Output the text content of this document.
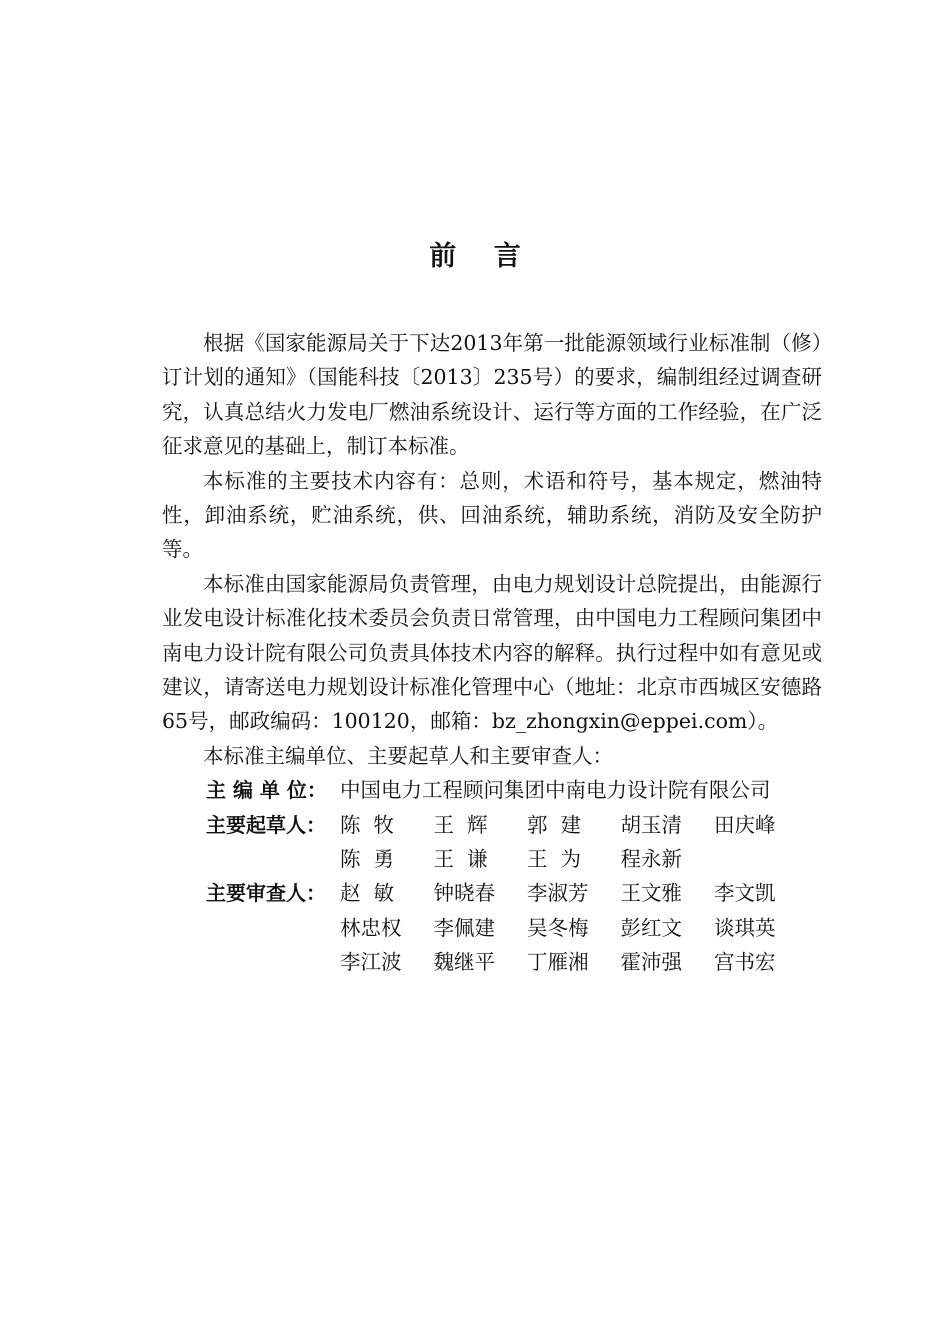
前    言

根据《国家能源局关于下达2013年第一批能源领域行业标准制（修）订计划的通知》（国能科技〔2013〕235号）的要求，编制组经过调查研究，认真总结火力发电厂燃油系统设计、运行等方面的工作经验，在广泛征求意见的基础上，制订本标准。

本标准的主要技术内容有：总则，术语和符号，基本规定，燃油特性，卸油系统，贮油系统，供、回油系统，辅助系统，消防及安全防护等。

本标准由国家能源局负责管理，由电力规划设计总院提出，由能源行业发电设计标准化技术委员会负责日常管理，由中国电力工程顾问集团中南电力设计院有限公司负责具体技术内容的解释。执行过程中如有意见或建议，请寄送电力规划设计标准化管理中心（地址：北京市西城区安德路65号，邮政编码：100120，邮箱：bz_zhongxin@eppei.com）。

本标准主编单位、主要起草人和主要审查人：

主 编 单 位： 中国电力工程顾问集团中南电力设计院有限公司
主要起草人： 陈  牧	王  辉	郭  建	胡玉清	田庆峰
陈  勇	王  谦	王  为	程永新
主要审查人： 赵  敏	钟晓春	李淑芳	王文雅	李文凯
林忠权	李佩建	吴冬梅	彭红文	谈琪英
李江波	魏继平	丁雁湘	霍沛强	宫书宏
